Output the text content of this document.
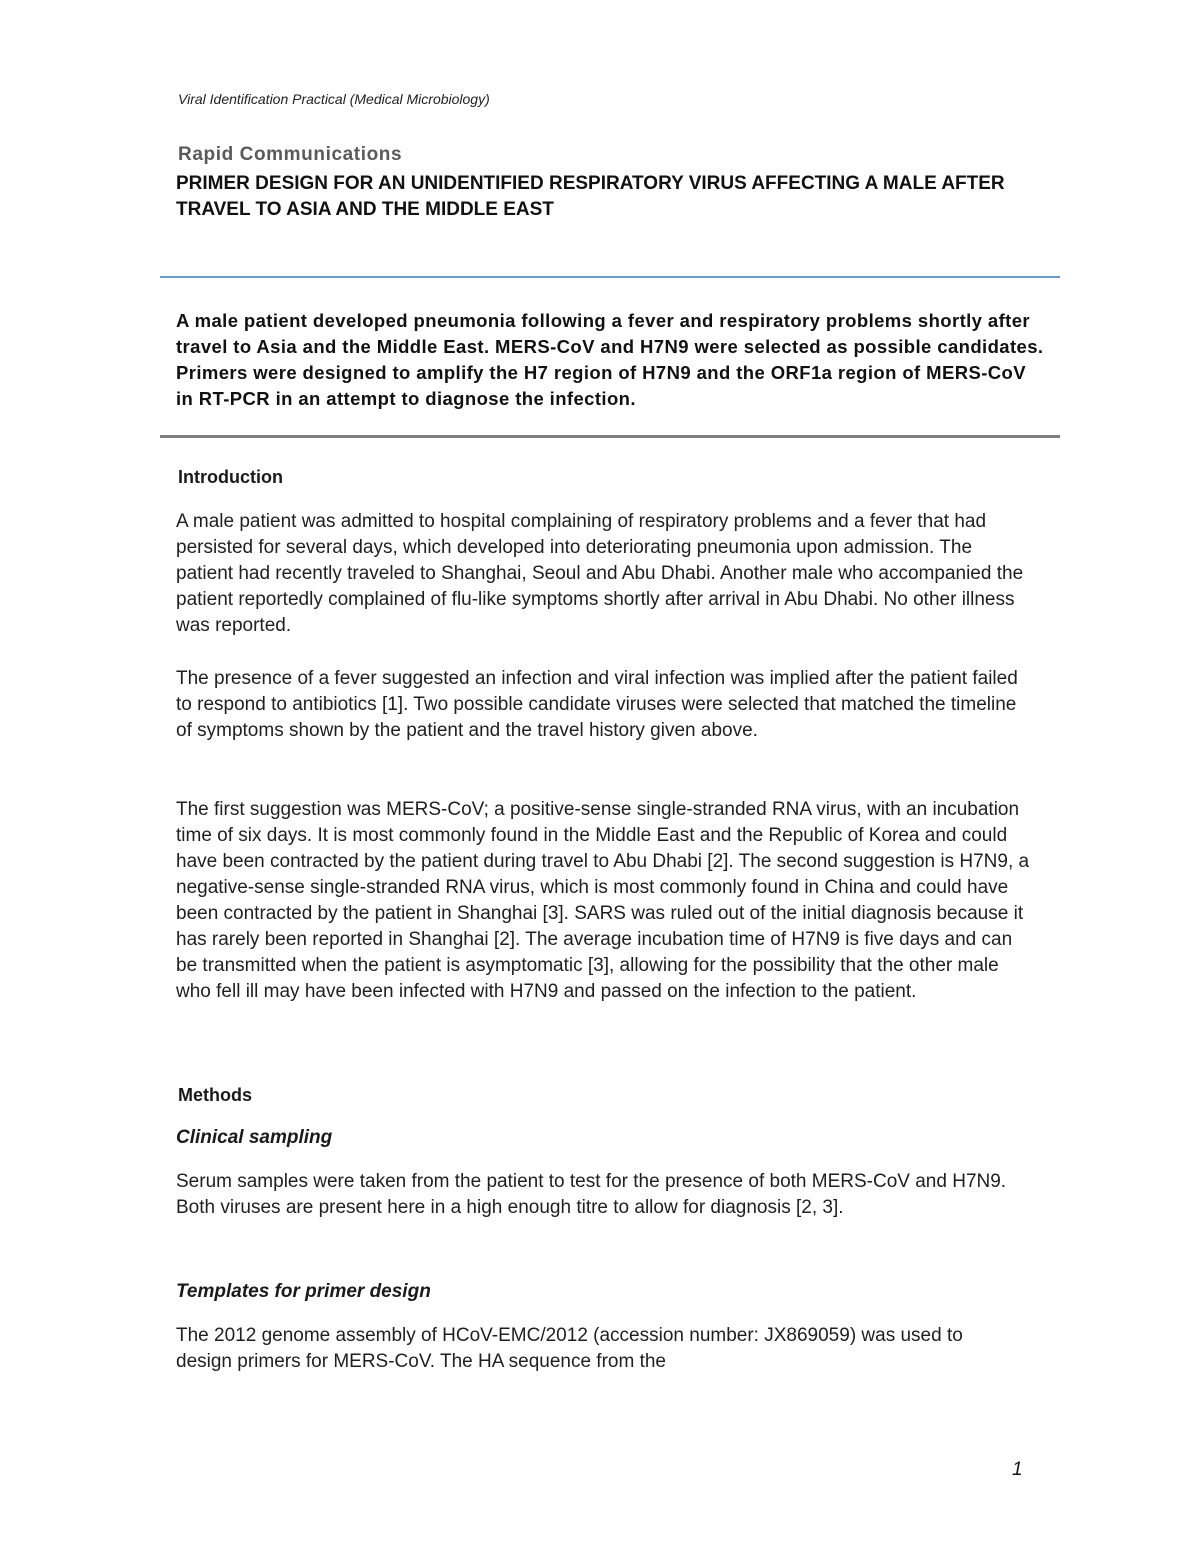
Viral Identification Practical (Medical Microbiology)
Rapid Communications
PRIMER DESIGN FOR AN UNIDENTIFIED RESPIRATORY VIRUS AFFECTING A MALE AFTER TRAVEL TO ASIA AND THE MIDDLE EAST
A male patient developed pneumonia following a fever and respiratory problems shortly after travel to Asia and the Middle East. MERS-CoV and H7N9 were selected as possible candidates. Primers were designed to amplify the H7 region of H7N9 and the ORF1a region of MERS-CoV in RT-PCR in an attempt to diagnose the infection.
Introduction
A male patient was admitted to hospital complaining of respiratory problems and a fever that had persisted for several days, which developed into deteriorating pneumonia upon admission. The patient had recently traveled to Shanghai, Seoul and Abu Dhabi. Another male who accompanied the patient reportedly complained of flu-like symptoms shortly after arrival in Abu Dhabi. No other illness was reported.
The presence of a fever suggested an infection and viral infection was implied after the patient failed to respond to antibiotics [1]. Two possible candidate viruses were selected that matched the timeline of symptoms shown by the patient and the travel history given above.
The first suggestion was MERS-CoV; a positive-sense single-stranded RNA virus, with an incubation time of six days. It is most commonly found in the Middle East and the Republic of Korea and could have been contracted by the patient during travel to Abu Dhabi [2]. The second suggestion is H7N9, a negative-sense single-stranded RNA virus, which is most commonly found in China and could have been contracted by the patient in Shanghai [3]. SARS was ruled out of the initial diagnosis because it has rarely been reported in Shanghai [2]. The average incubation time of H7N9 is five days and can be transmitted when the patient is asymptomatic [3], allowing for the possibility that the other male who fell ill may have been infected with H7N9 and passed on the infection to the patient.
Methods
Clinical sampling
Serum samples were taken from the patient to test for the presence of both MERS-CoV and H7N9. Both viruses are present here in a high enough titre to allow for diagnosis [2, 3].
Templates for primer design
The 2012 genome assembly of HCoV-EMC/2012 (accession number: JX869059) was used to design primers for MERS-CoV. The HA sequence from the
1
